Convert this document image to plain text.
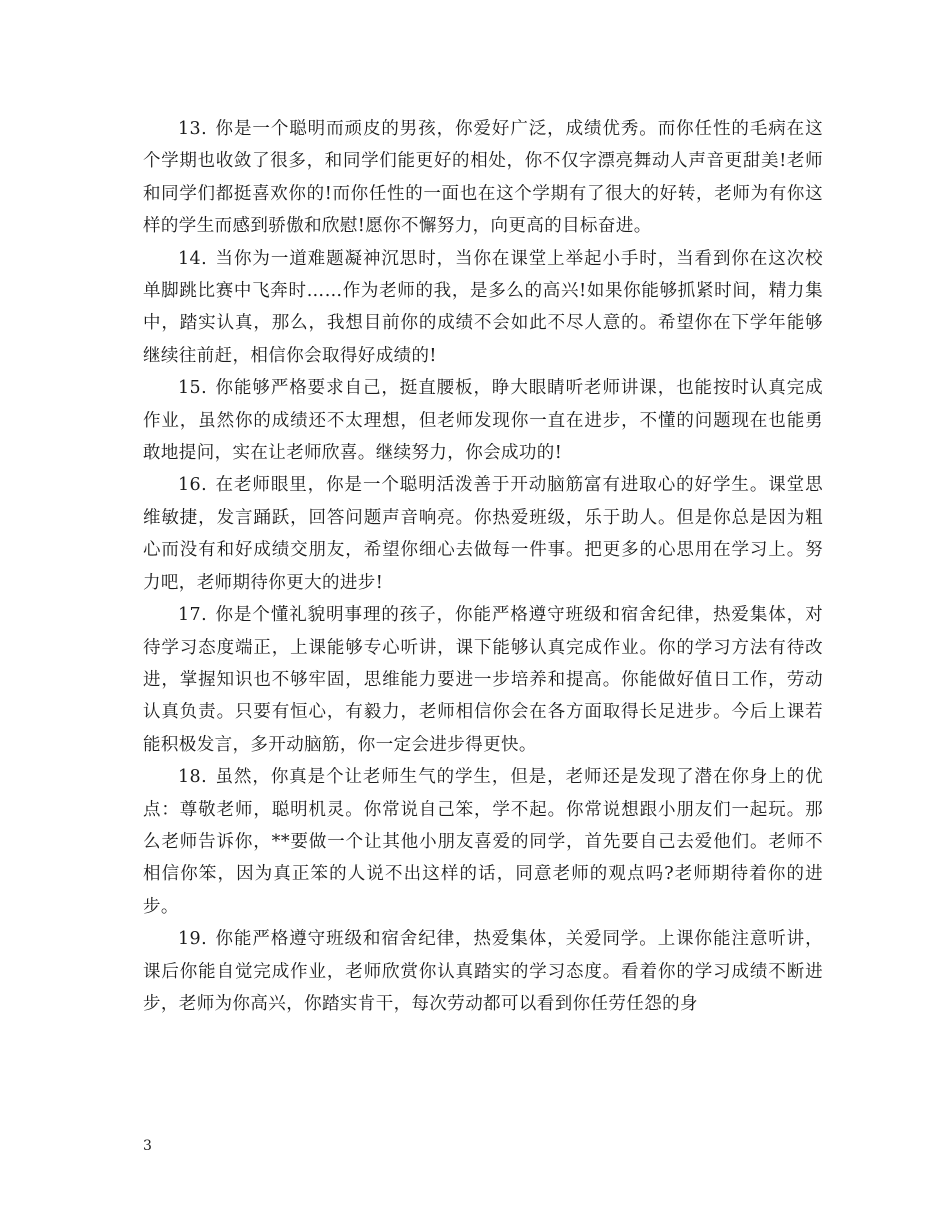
13. 你是一个聪明而顽皮的男孩，你爱好广泛，成绩优秀。而你任性的毛病在这个学期也收敛了很多，和同学们能更好的相处，你不仅字漂亮舞动人声音更甜美!老师和同学们都挺喜欢你的!而你任性的一面也在这个学期有了很大的好转，老师为有你这样的学生而感到骄傲和欣慰!愿你不懈努力，向更高的目标奋进。

14. 当你为一道难题凝神沉思时，当你在课堂上举起小手时，当看到你在这次校单脚跳比赛中飞奔时……作为老师的我，是多么的高兴!如果你能够抓紧时间，精力集中，踏实认真，那么，我想目前你的成绩不会如此不尽人意的。希望你在下学年能够继续往前赶，相信你会取得好成绩的!

15. 你能够严格要求自己，挺直腰板，睁大眼睛听老师讲课，也能按时认真完成作业，虽然你的成绩还不太理想，但老师发现你一直在进步，不懂的问题现在也能勇敢地提问，实在让老师欣喜。继续努力，你会成功的!

16. 在老师眼里，你是一个聪明活泼善于开动脑筋富有进取心的好学生。课堂思维敏捷，发言踊跃，回答问题声音响亮。你热爱班级，乐于助人。但是你总是因为粗心而没有和好成绩交朋友，希望你细心去做每一件事。把更多的心思用在学习上。努力吧，老师期待你更大的进步!

17. 你是个懂礼貌明事理的孩子，你能严格遵守班级和宿舍纪律，热爱集体，对待学习态度端正，上课能够专心听讲，课下能够认真完成作业。你的学习方法有待改进，掌握知识也不够牢固，思维能力要进一步培养和提高。你能做好值日工作，劳动认真负责。只要有恒心，有毅力，老师相信你会在各方面取得长足进步。今后上课若能积极发言，多开动脑筋，你一定会进步得更快。

18. 虽然，你真是个让老师生气的学生，但是，老师还是发现了潜在你身上的优点：尊敬老师，聪明机灵。你常说自己笨，学不起。你常说想跟小朋友们一起玩。那么老师告诉你，**要做一个让其他小朋友喜爱的同学，首先要自己去爱他们。老师不相信你笨，因为真正笨的人说不出这样的话，同意老师的观点吗?老师期待着你的进步。

19. 你能严格遵守班级和宿舍纪律，热爱集体，关爱同学。上课你能注意听讲，课后你能自觉完成作业，老师欣赏你认真踏实的学习态度。看着你的学习成绩不断进步，老师为你高兴，你踏实肯干，每次劳动都可以看到你任劳任怨的身

3
